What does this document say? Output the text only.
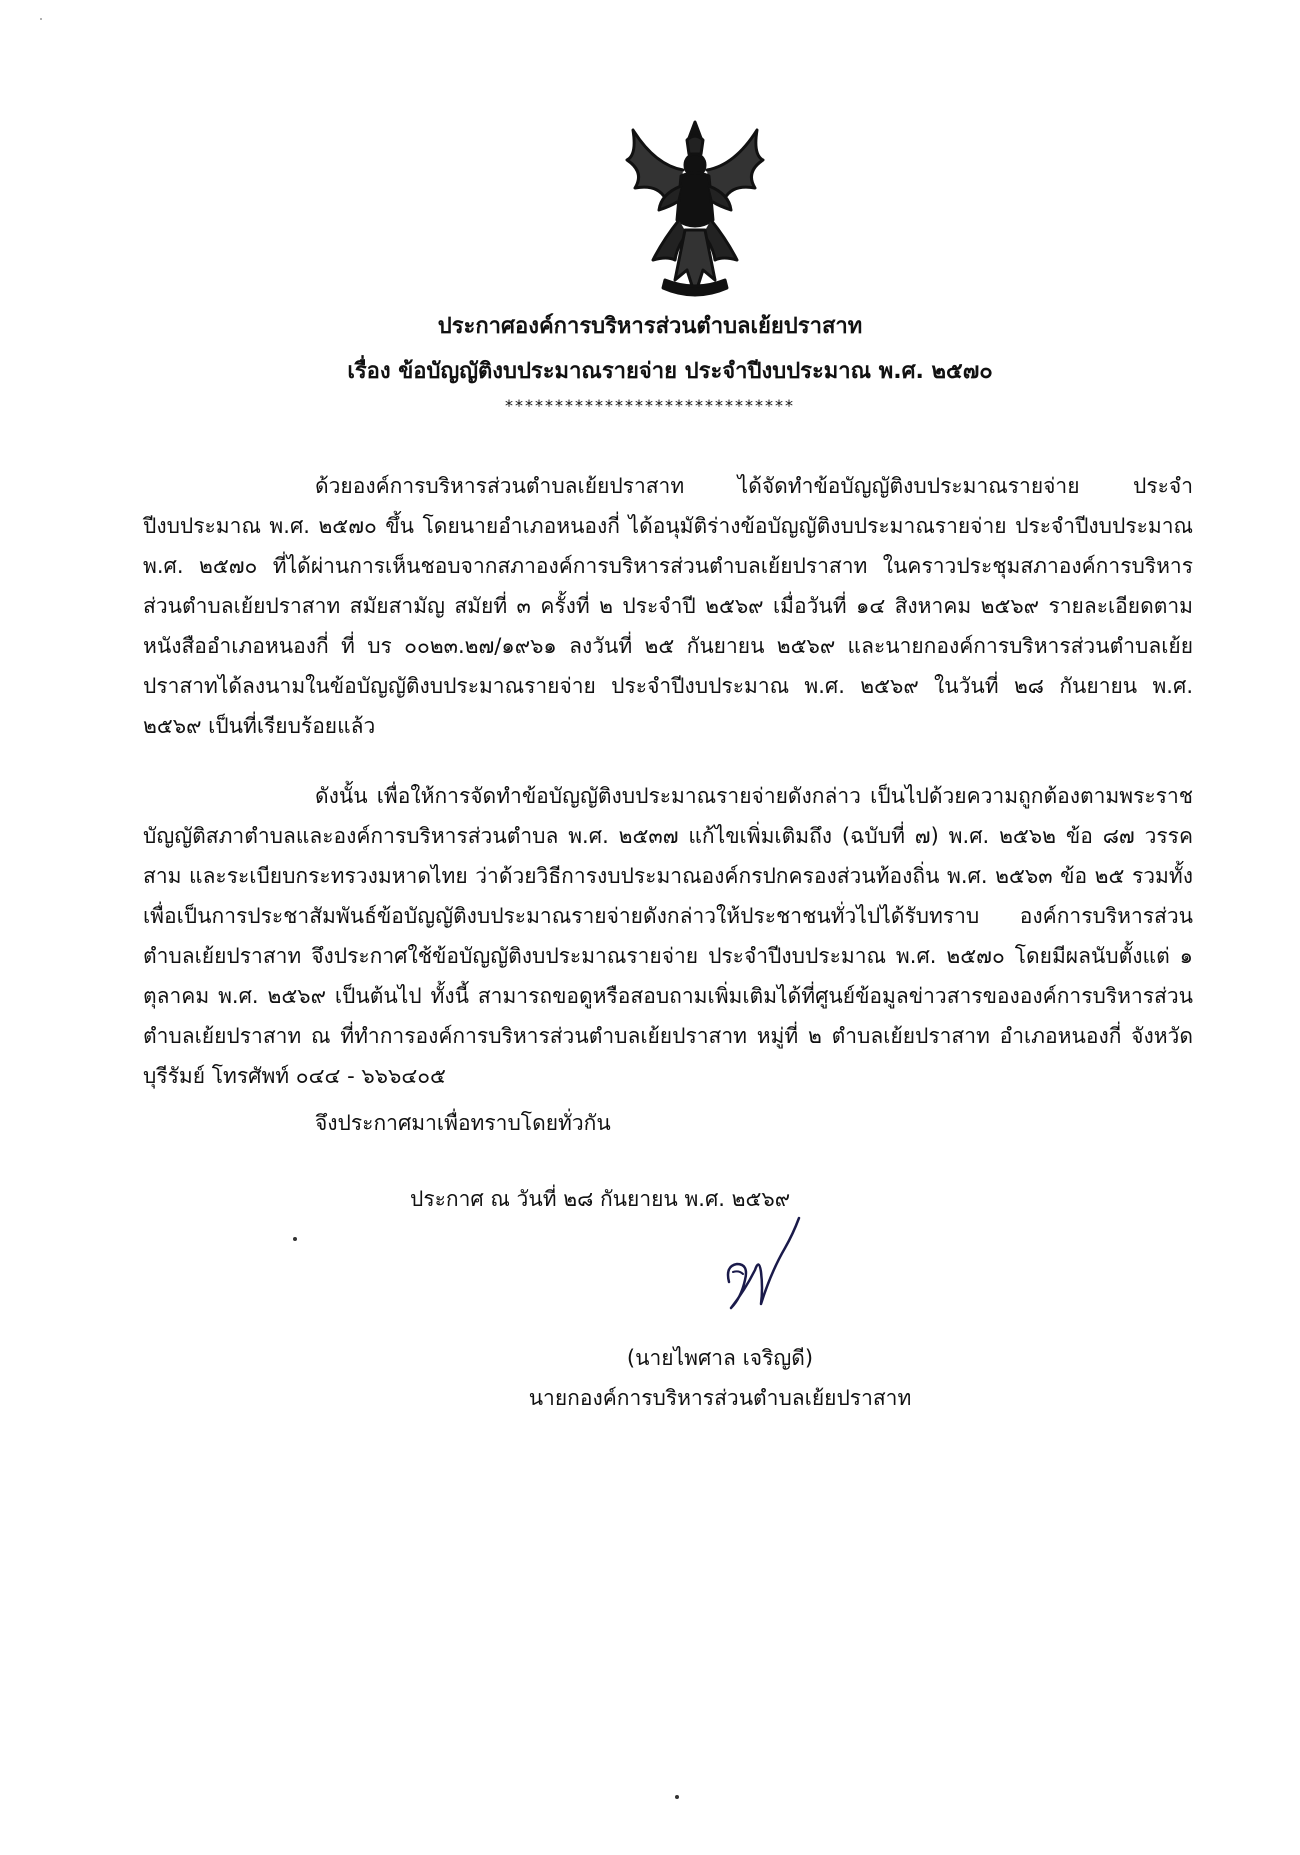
ประกาศองค์การบริหารส่วนตำบลเย้ยปราสาท
เรื่อง ข้อบัญญัติงบประมาณรายจ่าย ประจำปีงบประมาณ พ.ศ. ๒๕๗๐
*****************************

ด้วยองค์การบริหารส่วนตำบลเย้ยปราสาท ได้จัดทำข้อบัญญัติงบประมาณรายจ่าย ประจำปีงบประมาณ พ.ศ. ๒๕๗๐ ขึ้น โดยนายอำเภอหนองกี่ ได้อนุมัติร่างข้อบัญญัติงบประมาณรายจ่าย ประจำปีงบประมาณ พ.ศ. ๒๕๗๐ ที่ได้ผ่านการเห็นชอบจากสภาองค์การบริหารส่วนตำบลเย้ยปราสาท ในคราวประชุมสภาองค์การบริหารส่วนตำบลเย้ยปราสาท สมัยสามัญ สมัยที่ ๓ ครั้งที่ ๒ ประจำปี ๒๕๖๙ เมื่อวันที่ ๑๔ สิงหาคม ๒๕๖๙ รายละเอียดตามหนังสืออำเภอหนองกี่ ที่ บร ๐๐๒๓.๒๗/๑๙๖๑ ลงวันที่ ๒๕ กันยายน ๒๕๖๙ และนายกองค์การบริหารส่วนตำบลเย้ยปราสาทได้ลงนามในข้อบัญญัติงบประมาณรายจ่าย ประจำปีงบประมาณ พ.ศ. ๒๕๖๙ ในวันที่ ๒๘ กันยายน พ.ศ. ๒๕๖๙ เป็นที่เรียบร้อยแล้ว

ดังนั้น เพื่อให้การจัดทำข้อบัญญัติงบประมาณรายจ่ายดังกล่าว เป็นไปด้วยความถูกต้องตามพระราชบัญญัติสภาตำบลและองค์การบริหารส่วนตำบล พ.ศ. ๒๕๓๗ แก้ไขเพิ่มเติมถึง (ฉบับที่ ๗) พ.ศ. ๒๕๖๒ ข้อ ๘๗ วรรคสาม และระเบียบกระทรวงมหาดไทย ว่าด้วยวิธีการงบประมาณองค์กรปกครองส่วนท้องถิ่น พ.ศ. ๒๕๖๓ ข้อ ๒๕ รวมทั้งเพื่อเป็นการประชาสัมพันธ์ข้อบัญญัติงบประมาณรายจ่ายดังกล่าวให้ประชาชนทั่วไปได้รับทราบ องค์การบริหารส่วนตำบลเย้ยปราสาท จึงประกาศใช้ข้อบัญญัติงบประมาณรายจ่าย ประจำปีงบประมาณ พ.ศ. ๒๕๗๐ โดยมีผลนับตั้งแต่ ๑ ตุลาคม พ.ศ. ๒๕๖๙ เป็นต้นไป ทั้งนี้ สามารถขอดูหรือสอบถามเพิ่มเติมได้ที่ศูนย์ข้อมูลข่าวสารขององค์การบริหารส่วนตำบลเย้ยปราสาท ณ ที่ทำการองค์การบริหารส่วนตำบลเย้ยปราสาท หมู่ที่ ๒ ตำบลเย้ยปราสาท อำเภอหนองกี่ จังหวัดบุรีรัมย์ โทรศัพท์ ๐๔๔ - ๖๖๖๔๐๕

จึงประกาศมาเพื่อทราบโดยทั่วกัน
ประกาศ ณ วันที่ ๒๘ กันยายน พ.ศ. ๒๕๖๙
(นายไพศาล เจริญดี)
นายกองค์การบริหารส่วนตำบลเย้ยปราสาท
